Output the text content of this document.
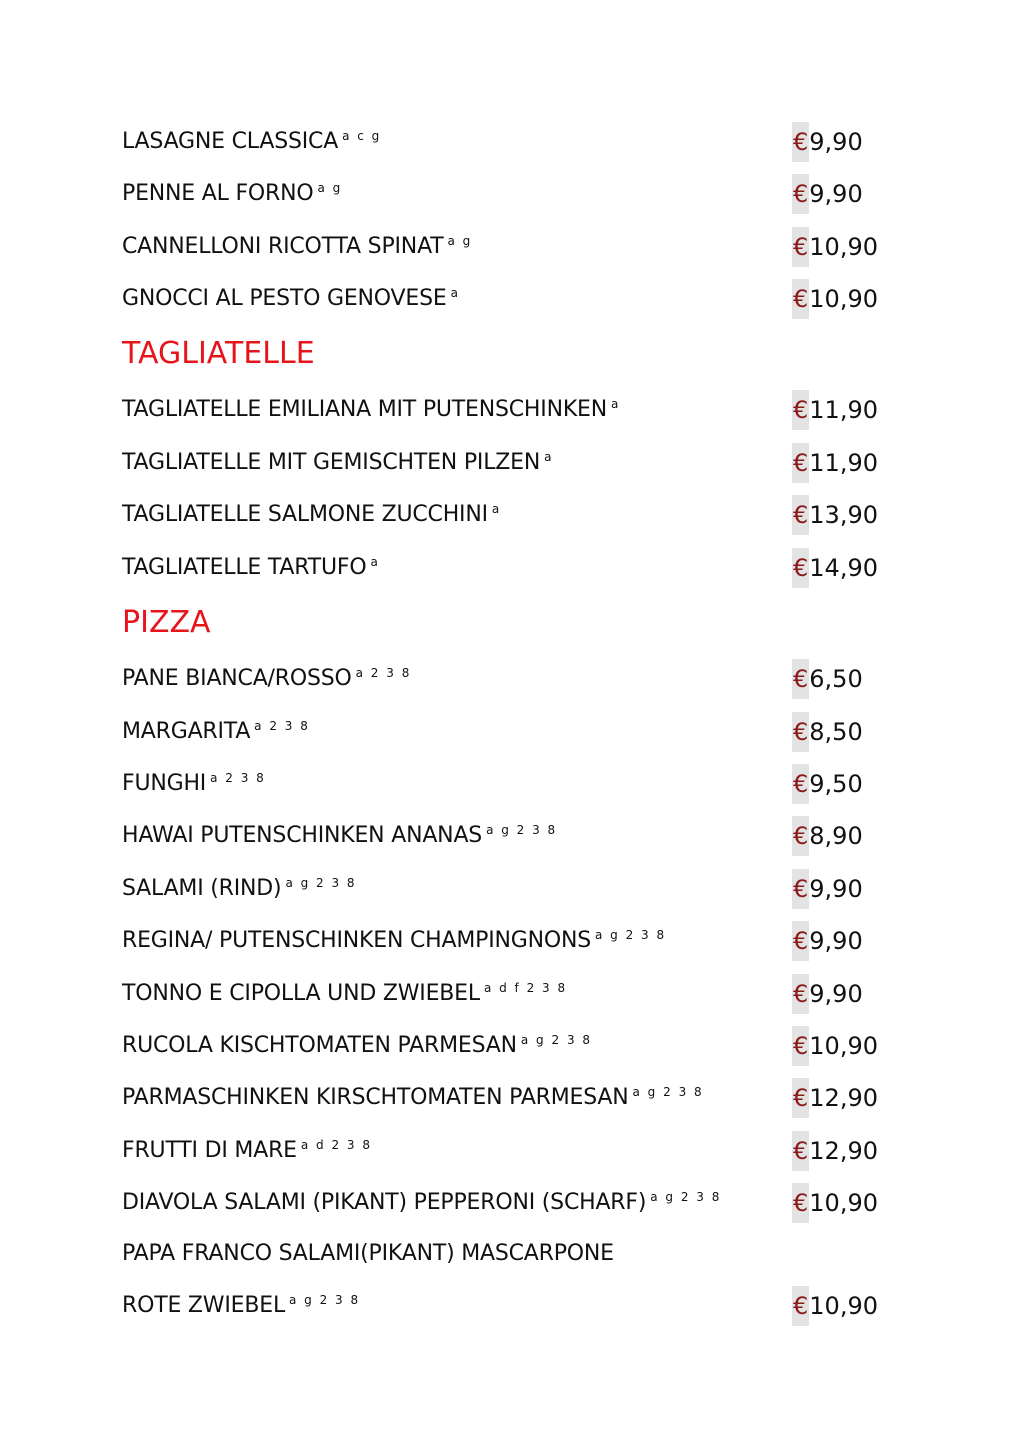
LASAGNE CLASSICA $^{a c g}$	€9,90
PENNE AL FORNO $^{a g}$	€9,90
CANNELLONI RICOTTA SPINAT $^{a g}$	€10,90
GNOCCI AL PESTO GENOVESE $^a$	€10,90
TAGLIATELLE
TAGLIATELLE EMILIANA MIT PUTENSCHINKEN $^a$	€11,90
TAGLIATELLE MIT GEMISCHTEN PILZEN $^a$	€11,90
TAGLIATELLE SALMONE ZUCCHINI $^a$	€13,90
TAGLIATELLE TARTUFO $^a$	€14,90
PIZZA
PANE BIANCA/ROSSO $^{a 2 3 8}$	€6,50
MARGARITA $^{a 2 3 8}$	€8,50
FUNGHI $^{a 2 3 8}$	€9,50
HAWAI PUTENSCHINKEN ANANAS $^{a g 2 3 8}$	€8,90
SALAMI (RIND) $^{a g 2 3 8}$	€9,90
REGINA/ PUTENSCHINKEN CHAMPINGNONS $^{a g 2 3 8}$	€9,90
TONNO E CIPOLLA UND ZWIEBEL $^{a d f 2 3 8}$	€9,90
RUCOLA KISCHTOMATEN PARMESAN $^{a g 2 3 8}$	€10,90
PARMASCHINKEN KIRSCHTOMATEN PARMESAN $^{a g 2 3 8}$	€12,90
FRUTTI DI MARE $^{a d 2 3 8}$	€12,90
DIAVOLA SALAMI (PIKANT) PEPPERONI (SCHARF) $^{a g 2 3 8}$	€10,90
PAPA FRANCO SALAMI(PIKANT) MASCARPONE
ROTE ZWIEBEL $^{a g 2 3 8}$	€10,90
